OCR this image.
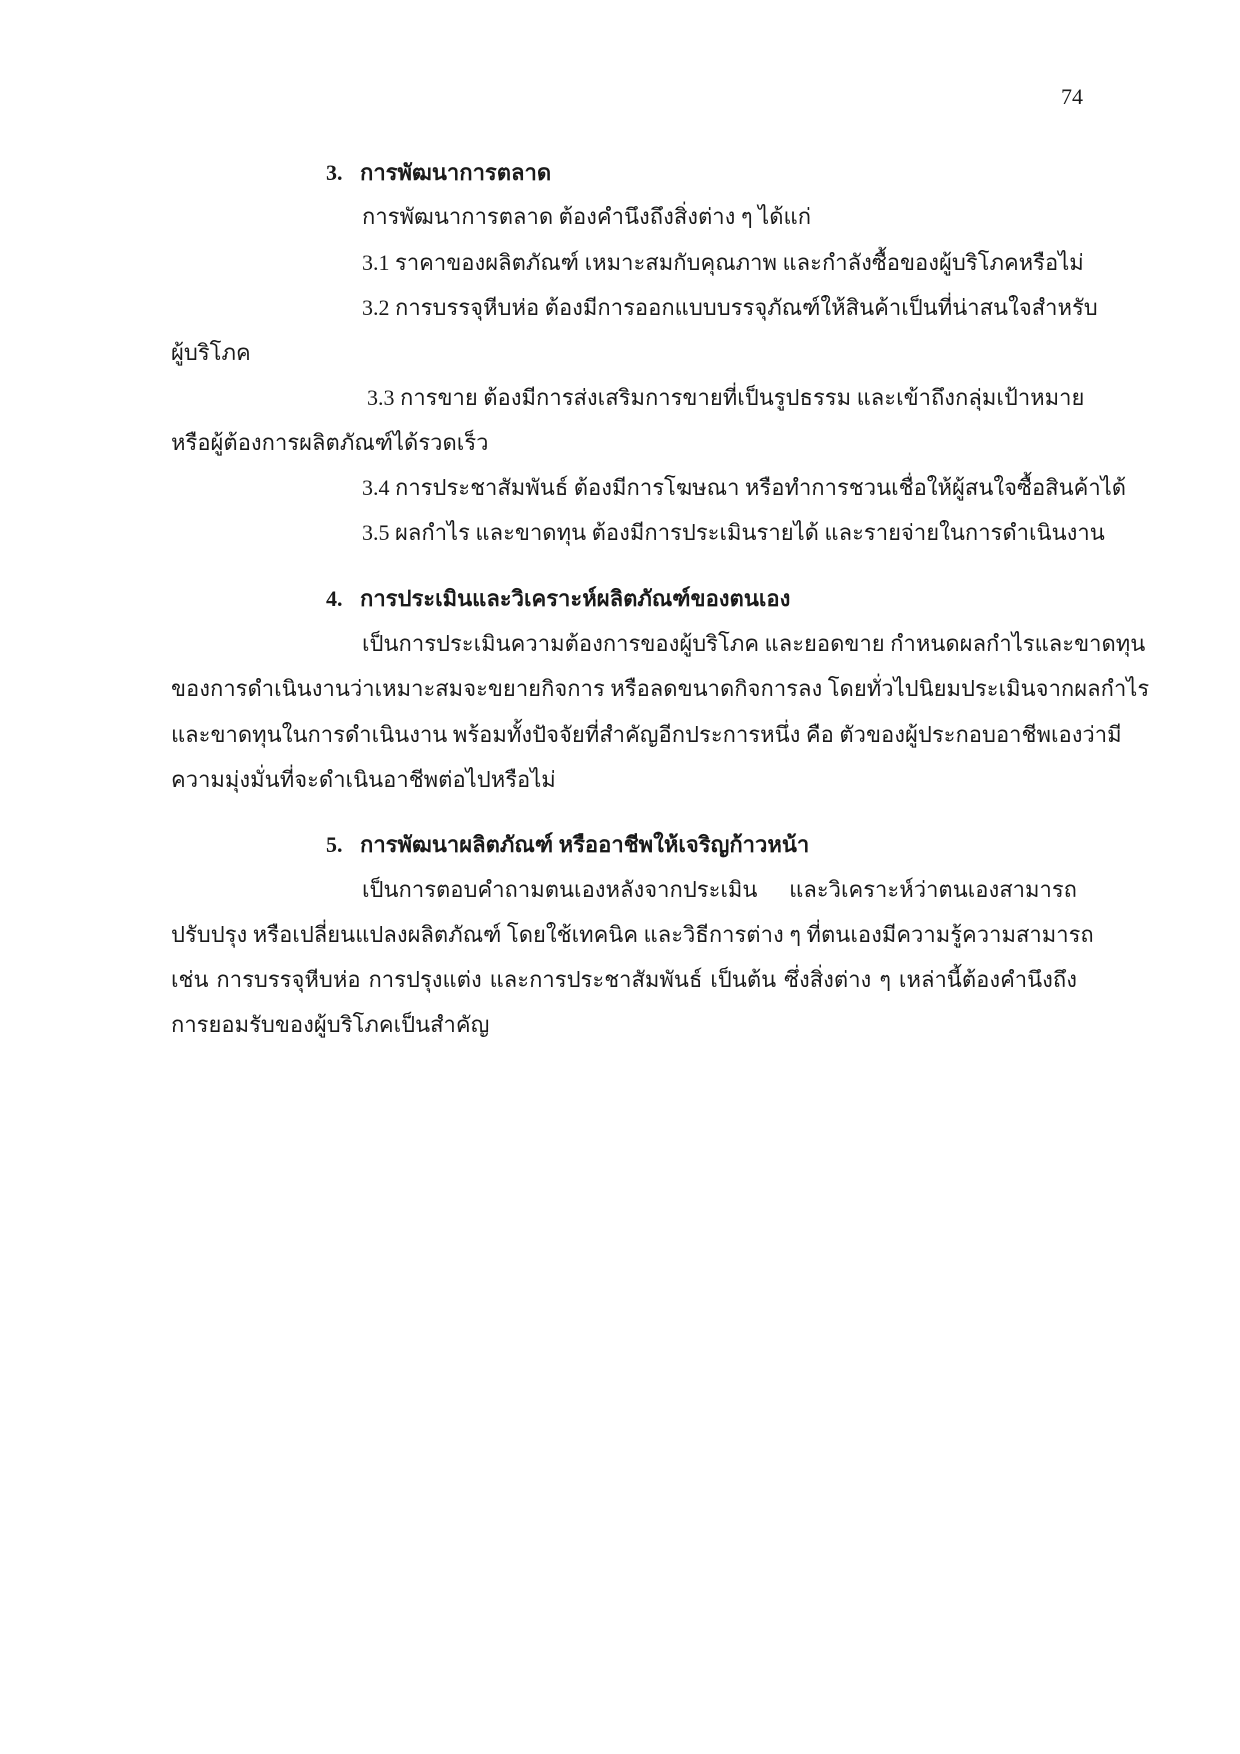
74
3. การพัฒนาการตลาด
การพัฒนาการตลาด ต้องคำนึงถึงสิ่งต่าง ๆ ได้แก่
3.1 ราคาของผลิตภัณฑ์ เหมาะสมกับคุณภาพ และกำลังซื้อของผู้บริโภคหรือไม่
3.2 การบรรจุหีบห่อ ต้องมีการออกแบบบรรจุภัณฑ์ให้สินค้าเป็นที่น่าสนใจสำหรับ
ผู้บริโภค
3.3 การขาย ต้องมีการส่งเสริมการขายที่เป็นรูปธรรม และเข้าถึงกลุ่มเป้าหมาย
หรือผู้ต้องการผลิตภัณฑ์ได้รวดเร็ว
3.4 การประชาสัมพันธ์ ต้องมีการโฆษณา หรือทำการชวนเชื่อให้ผู้สนใจซื้อสินค้าได้
3.5 ผลกำไร และขาดทุน ต้องมีการประเมินรายได้ และรายจ่ายในการดำเนินงาน
4. การประเมินและวิเคราะห์ผลิตภัณฑ์ของตนเอง
เป็นการประเมินความต้องการของผู้บริโภค และยอดขาย กำหนดผลกำไรและขาดทุน
ของการดำเนินงานว่าเหมาะสมจะขยายกิจการ หรือลดขนาดกิจการลง โดยทั่วไปนิยมประเมินจากผลกำไร
และขาดทุนในการดำเนินงาน พร้อมทั้งปัจจัยที่สำคัญอีกประการหนึ่ง คือ ตัวของผู้ประกอบอาชีพเองว่ามี
ความมุ่งมั่นที่จะดำเนินอาชีพต่อไปหรือไม่
5. การพัฒนาผลิตภัณฑ์ หรืออาชีพให้เจริญก้าวหน้า
เป็นการตอบคำถามตนเองหลังจากประเมิน และวิเคราะห์ว่าตนเองสามารถ
ปรับปรุง หรือเปลี่ยนแปลงผลิตภัณฑ์ โดยใช้เทคนิค และวิธีการต่าง ๆ ที่ตนเองมีความรู้ความสามารถ
เช่น การบรรจุหีบห่อ การปรุงแต่ง และการประชาสัมพันธ์ เป็นต้น ซึ่งสิ่งต่าง ๆ เหล่านี้ต้องคำนึงถึง
การยอมรับของผู้บริโภคเป็นสำคัญ
